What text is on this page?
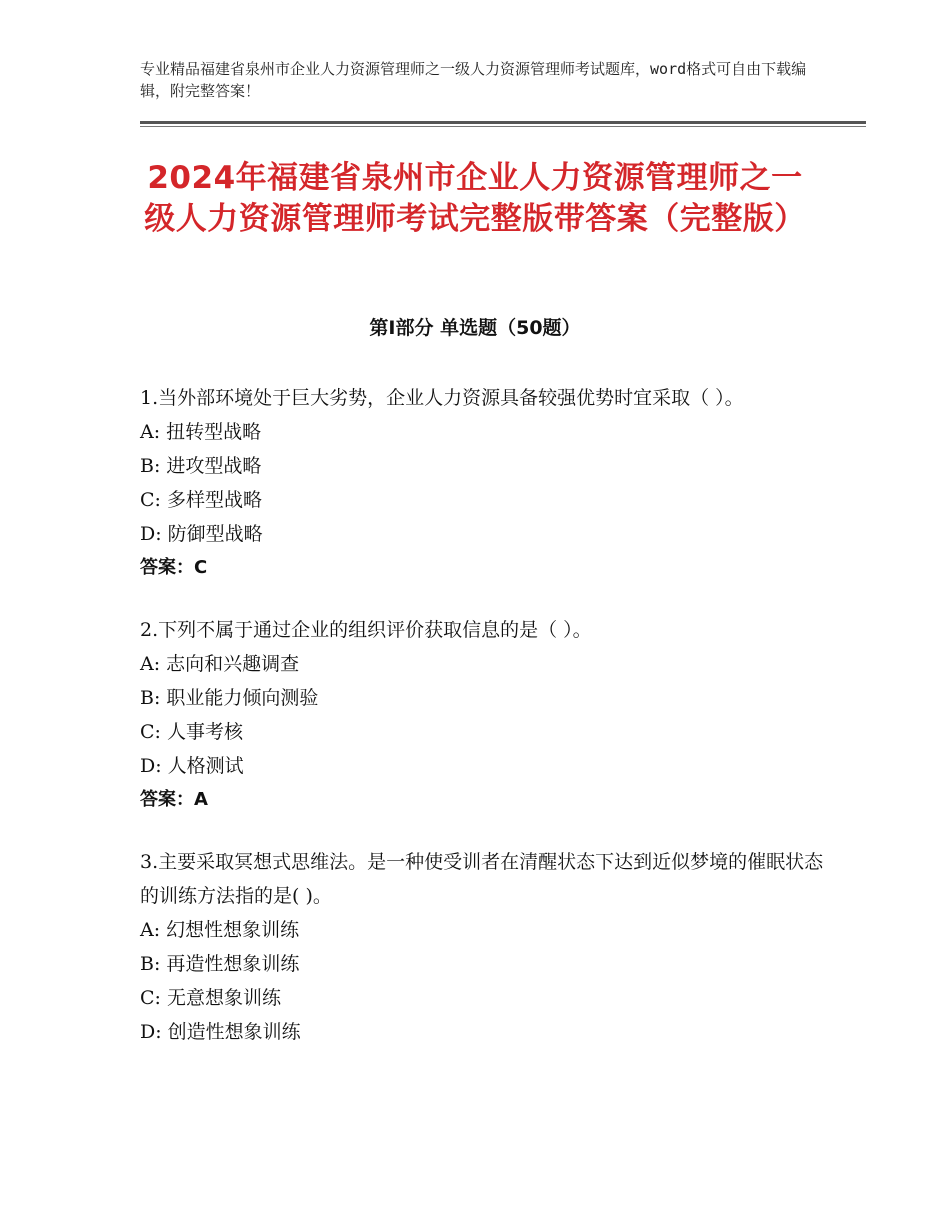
专业精品福建省泉州市企业人力资源管理师之一级人力资源管理师考试题库，word格式可自由下载编辑，附完整答案！
2024年福建省泉州市企业人力资源管理师之一级人力资源管理师考试完整版带答案（完整版）
第Ⅰ部分 单选题（50题）
1.当外部环境处于巨大劣势，企业人力资源具备较强优势时宜采取（ ）。
A: 扭转型战略
B: 进攻型战略
C: 多样型战略
D: 防御型战略
答案：C
2.下列不属于通过企业的组织评价获取信息的是（ ）。
A: 志向和兴趣调查
B: 职业能力倾向测验
C: 人事考核
D: 人格测试
答案：A
3.主要采取冥想式思维法。是一种使受训者在清醒状态下达到近似梦境的催眠状态的训练方法指的是( )。
A: 幻想性想象训练
B: 再造性想象训练
C: 无意想象训练
D: 创造性想象训练
